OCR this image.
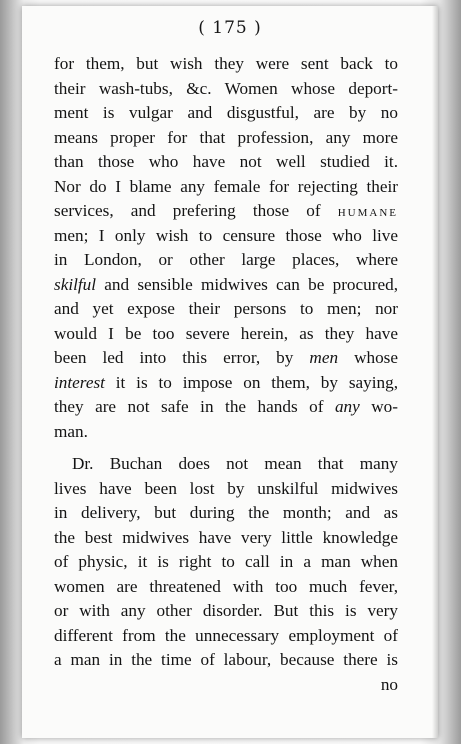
( 175 )
for them, but wish they were sent back to
their wash-tubs, &c. Women whose deport-
ment is vulgar and disgustful, are by no
means proper for that profession, any more
than those who have not well studied it.
Nor do I blame any female for rejecting their
services, and prefering those of HUMANE
men; I only wish to censure those who live
in London, or other large places, where
skilful and sensible midwives can be procured,
and yet expose their persons to men; nor
would I be too severe herein, as they have
been led into this error, by men whose
interest it is to impose on them, by saying,
they are not safe in the hands of any wo-
man.
Dr. Buchan does not mean that many
lives have been lost by unskilful midwives
in delivery, but during the month; and as
the best midwives have very little knowledge
of physic, it is right to call in a man when
women are threatened with too much fever,
or with any other disorder. But this is very
different from the unnecessary employment of
a man in the time of labour, because there is
no
